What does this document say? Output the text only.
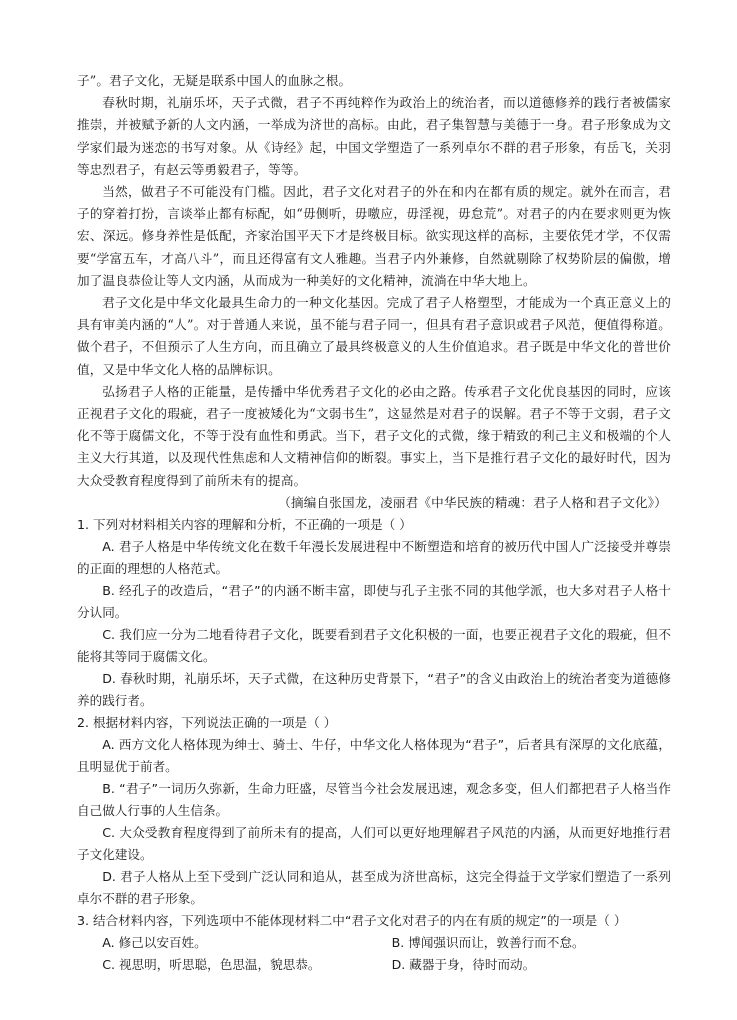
子”。君子文化，无疑是联系中国人的血脉之根。

春秋时期，礼崩乐坏，天子式微，君子不再纯粹作为政治上的统治者，而以道德修养的践行者被儒家推崇，并被赋予新的人文内涵，一举成为济世的高标。由此，君子集智慧与美德于一身。君子形象成为文学家们最为迷恋的书写对象。从《诗经》起，中国文学塑造了一系列卓尔不群的君子形象，有岳飞，关羽等忠烈君子，有赵云等勇毅君子，等等。

当然，做君子不可能没有门槛。因此，君子文化对君子的外在和内在都有质的规定。就外在而言，君子的穿着打扮，言谈举止都有标配，如“毋侧听，毋噭应，毋淫视，毋怠荒”。对君子的内在要求则更为恢宏、深远。修身养性是低配，齐家治国平天下才是终极目标。欲实现这样的高标，主要依凭才学，不仅需要“学富五车，才高八斗”，而且还得富有文人雅趣。当君子内外兼修，自然就剔除了权势阶层的偏傲，增加了温良恭俭让等人文内涵，从而成为一种美好的文化精神，流淌在中华大地上。

君子文化是中华文化最具生命力的一种文化基因。完成了君子人格塑型，才能成为一个真正意义上的具有审美内涵的“人”。对于普通人来说，虽不能与君子同一，但具有君子意识或君子风范，便值得称道。做个君子，不但预示了人生方向，而且确立了最具终极意义的人生价值追求。君子既是中华文化的普世价值，又是中华文化人格的品牌标识。

弘扬君子人格的正能量，是传播中华优秀君子文化的必由之路。传承君子文化优良基因的同时，应该正视君子文化的瑕疵，君子一度被矮化为“文弱书生”，这显然是对君子的误解。君子不等于文弱，君子文化不等于腐儒文化，不等于没有血性和勇武。当下，君子文化的式微，缘于精致的利己主义和极端的个人主义大行其道，以及现代性焦虑和人文精神信仰的断裂。事实上，当下是推行君子文化的最好时代，因为大众受教育程度得到了前所未有的提高。

（摘编自张国龙，凌丽君《中华民族的精魂：君子人格和君子文化》）

1. 下列对材料相关内容的理解和分析，不正确的一项是（ ）

A. 君子人格是中华传统文化在数千年漫长发展进程中不断塑造和培育的被历代中国人广泛接受并尊崇的正面的理想的人格范式。

B. 经孔子的改造后，“君子”的内涵不断丰富，即使与孔子主张不同的其他学派，也大多对君子人格十分认同。

C. 我们应一分为二地看待君子文化，既要看到君子文化积极的一面，也要正视君子文化的瑕疵，但不能将其等同于腐儒文化。

D. 春秋时期，礼崩乐坏，天子式微，在这种历史背景下，“君子”的含义由政治上的统治者变为道德修养的践行者。

2. 根据材料内容，下列说法正确的一项是（ ）

A. 西方文化人格体现为绅士、骑士、牛仔，中华文化人格体现为“君子”，后者具有深厚的文化底蕴，且明显优于前者。

B. “君子”一词历久弥新，生命力旺盛，尽管当今社会发展迅速，观念多变，但人们都把君子人格当作自己做人行事的人生信条。

C. 大众受教育程度得到了前所未有的提高，人们可以更好地理解君子风范的内涵，从而更好地推行君子文化建设。

D. 君子人格从上至下受到广泛认同和追从，甚至成为济世高标，这完全得益于文学家们塑造了一系列卓尔不群的君子形象。

3. 结合材料内容，下列选项中不能体现材料二中“君子文化对君子的内在有质的规定”的一项是（ ）

A. 修己以安百姓。	B. 博闻强识而让，敦善行而不怠。
C. 视思明，听思聪，色思温，貌思恭。	D. 藏器于身，待时而动。
